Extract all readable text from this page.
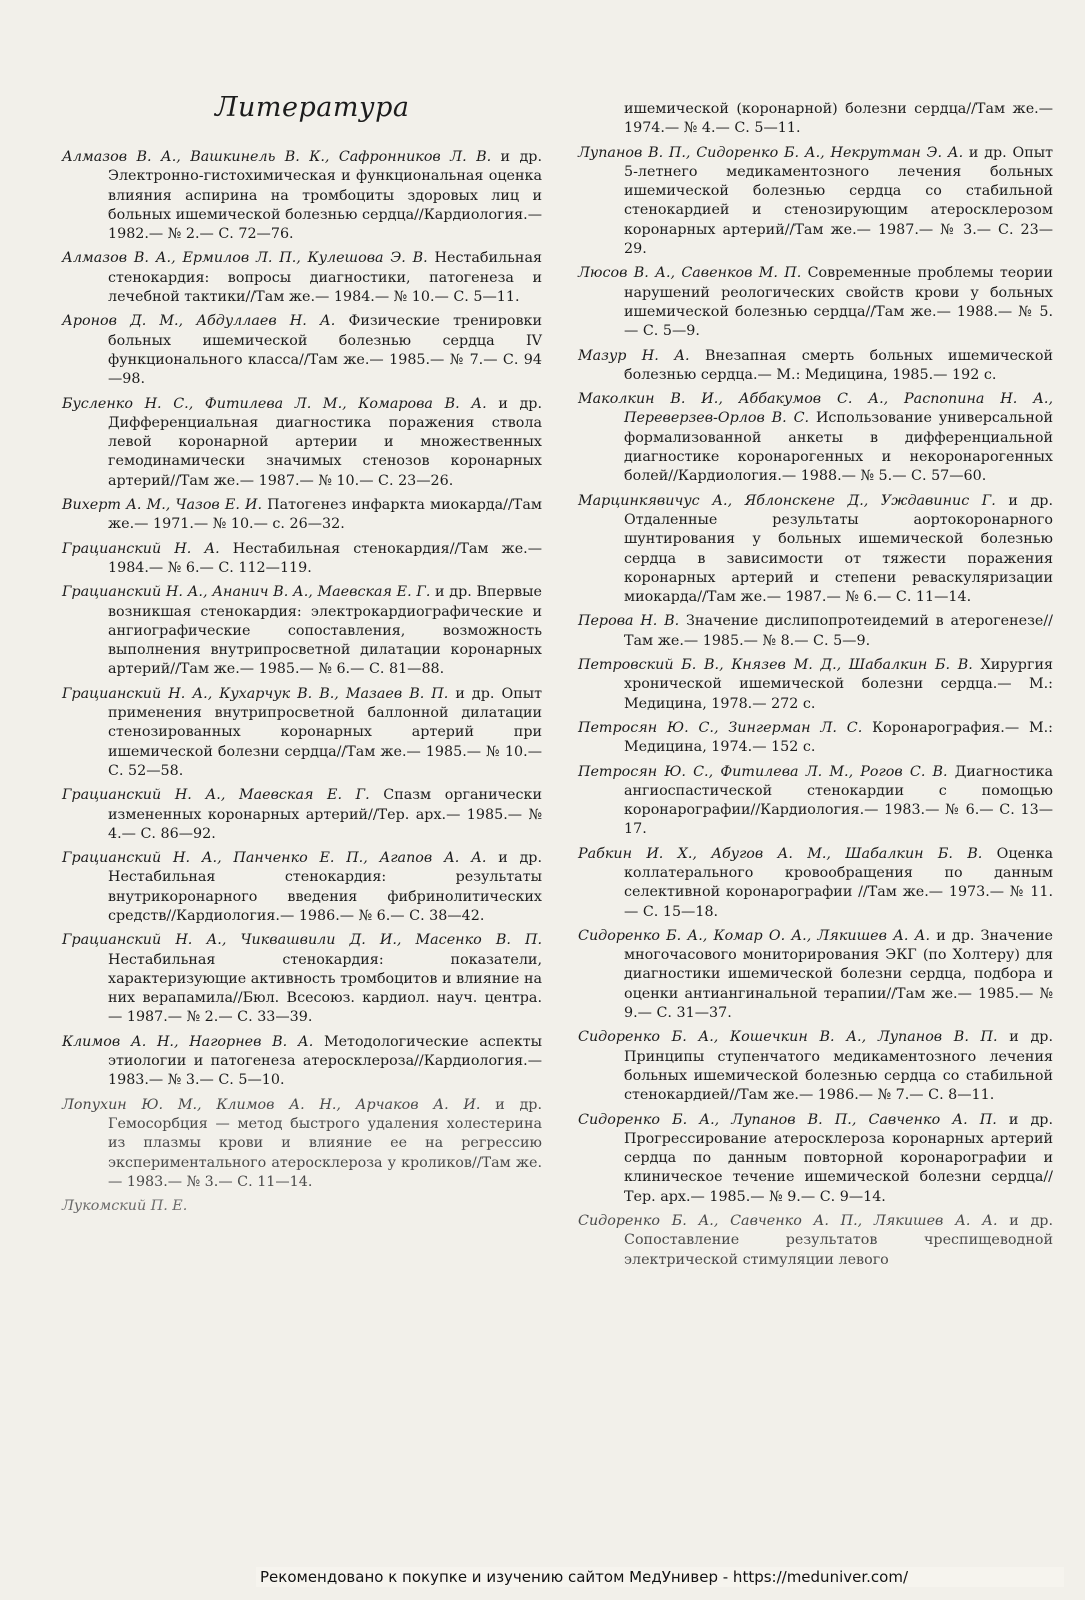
Литература
Алмазов В. А., Вашкинель В. К., Сафронников Л. В. и др. Электронно-гистохимическая и функциональная оценка влияния аспирина на тромбоциты здоровых лиц и больных ишемической болезнью сердца//Кардиология.— 1982.— № 2.— С. 72—76.
Алмазов В. А., Ермилов Л. П., Кулешова Э. В. Нестабильная стенокардия: вопросы диагностики, патогенеза и лечебной тактики//Там же.— 1984.— № 10.— С. 5—11.
Аронов Д. М., Абдуллаев Н. А. Физические тренировки больных ишемической болезнью сердца IV функционального класса//Там же.— 1985.— № 7.— С. 94—98.
Бусленко Н. С., Фитилева Л. М., Комарова В. А. и др. Дифференциальная диагностика поражения ствола левой коронарной артерии и множественных гемодинамически значимых стенозов коронарных артерий//Там же.— 1987.— № 10.— С. 23—26.
Вихерт А. М., Чазов Е. И. Патогенез инфаркта миокарда//Там же.— 1971.— № 10.— с. 26—32.
Грацианский Н. А. Нестабильная стенокардия//Там же.— 1984.— № 6.— С. 112—119.
Грацианский Н. А., Ананич В. А., Маевская Е. Г. и др. Впервые возникшая стенокардия: электрокардиографические и ангиографические сопоставления, возможность выполнения внутрипросветной дилатации коронарных артерий//Там же.— 1985.— № 6.— С. 81—88.
Грацианский Н. А., Кухарчук В. В., Мазаев В. П. и др. Опыт применения внутрипросветной баллонной дилатации стенозированных коронарных артерий при ишемической болезни сердца//Там же.— 1985.— № 10.— С. 52—58.
Грацианский Н. А., Маевская Е. Г. Спазм органически измененных коронарных артерий//Тер. арх.— 1985.— № 4.— С. 86—92.
Грацианский Н. А., Панченко Е. П., Агапов А. А. и др. Нестабильная стенокардия: результаты внутрикоронарного введения фибринолитических средств//Кардиология.— 1986.— № 6.— С. 38—42.
Грацианский Н. А., Чиквашвили Д. И., Масенко В. П. Нестабильная стенокардия: показатели, характеризующие активность тромбоцитов и влияние на них верапамила//Бюл. Всесоюз. кардиол. науч. центра.— 1987.— № 2.— С. 33—39.
Климов А. Н., Нагорнев В. А. Методологические аспекты этиологии и патогенеза атеросклероза//Кардиология.— 1983.— № 3.— С. 5—10.
Лопухин Ю. М., Климов А. Н., Арчаков А. И. и др. Гемосорбция — метод быстрого удаления холестерина из плазмы крови и влияние ее на регрессию экспериментального атеросклероза у кроликов//Там же.— 1983.— № 3.— С. 11—14.
Лукомский П. Е.
ишемической (коронарной) болезни сердца//Там же.— 1974.— № 4.— С. 5—11.
Лупанов В. П., Сидоренко Б. А., Некрутман Э. А. и др. Опыт 5-летнего медикаментозного лечения больных ишемической болезнью сердца со стабильной стенокардией и стенозирующим атеросклерозом коронарных артерий//Там же.— 1987.— № 3.— С. 23—29.
Люсов В. А., Савенков М. П. Современные проблемы теории нарушений реологических свойств крови у больных ишемической болезнью сердца//Там же.— 1988.— № 5.— С. 5—9.
Мазур Н. А. Внезапная смерть больных ишемической болезнью сердца.— М.: Медицина, 1985.— 192 с.
Маколкин В. И., Аббакумов С. А., Распопина Н. А., Переверзев-Орлов В. С. Использование универсальной формализованной анкеты в дифференциальной диагностике коронарогенных и некоронарогенных болей//Кардиология.— 1988.— № 5.— С. 57—60.
Марцинкявичус А., Яблонскене Д., Уждавинис Г. и др. Отдаленные результаты аортокоронарного шунтирования у больных ишемической болезнью сердца в зависимости от тяжести поражения коронарных артерий и степени реваскуляризации миокарда//Там же.— 1987.— № 6.— С. 11—14.
Перова Н. В. Значение дислипопротеидемий в атерогенезе//Там же.— 1985.— № 8.— С. 5—9.
Петровский Б. В., Князев М. Д., Шабалкин Б. В. Хирургия хронической ишемической болезни сердца.— М.: Медицина, 1978.— 272 с.
Петросян Ю. С., Зингерман Л. С. Коронарография.— М.: Медицина, 1974.— 152 с.
Петросян Ю. С., Фитилева Л. М., Рогов С. В. Диагностика ангиоспастической стенокардии с помощью коронарографии//Кардиология.— 1983.— № 6.— С. 13—17.
Рабкин И. Х., Абугов А. М., Шабалкин Б. В. Оценка коллатерального кровообращения по данным селективной коронарографии //Там же.— 1973.— № 11.— С. 15—18.
Сидоренко Б. А., Комар О. А., Лякишев А. А. и др. Значение многочасового мониторирования ЭКГ (по Холтеру) для диагностики ишемической болезни сердца, подбора и оценки антиангинальной терапии//Там же.— 1985.— № 9.— С. 31—37.
Сидоренко Б. А., Кошечкин В. А., Лупанов В. П. и др. Принципы ступенчатого медикаментозного лечения больных ишемической болезнью сердца со стабильной стенокардией//Там же.— 1986.— № 7.— С. 8—11.
Сидоренко Б. А., Лупанов В. П., Савченко А. П. и др. Прогрессирование атеросклероза коронарных артерий сердца по данным повторной коронарографии и клиническое течение ишемической болезни сердца//Тер. арх.— 1985.— № 9.— С. 9—14.
Сидоренко Б. А., Савченко А. П., Лякишев А. А. и др. Сопоставление результатов чреспищеводной электрической стимуляции левого
Рекомендовано к покупке и изучению сайтом МедУнивер - https://meduniver.com/
